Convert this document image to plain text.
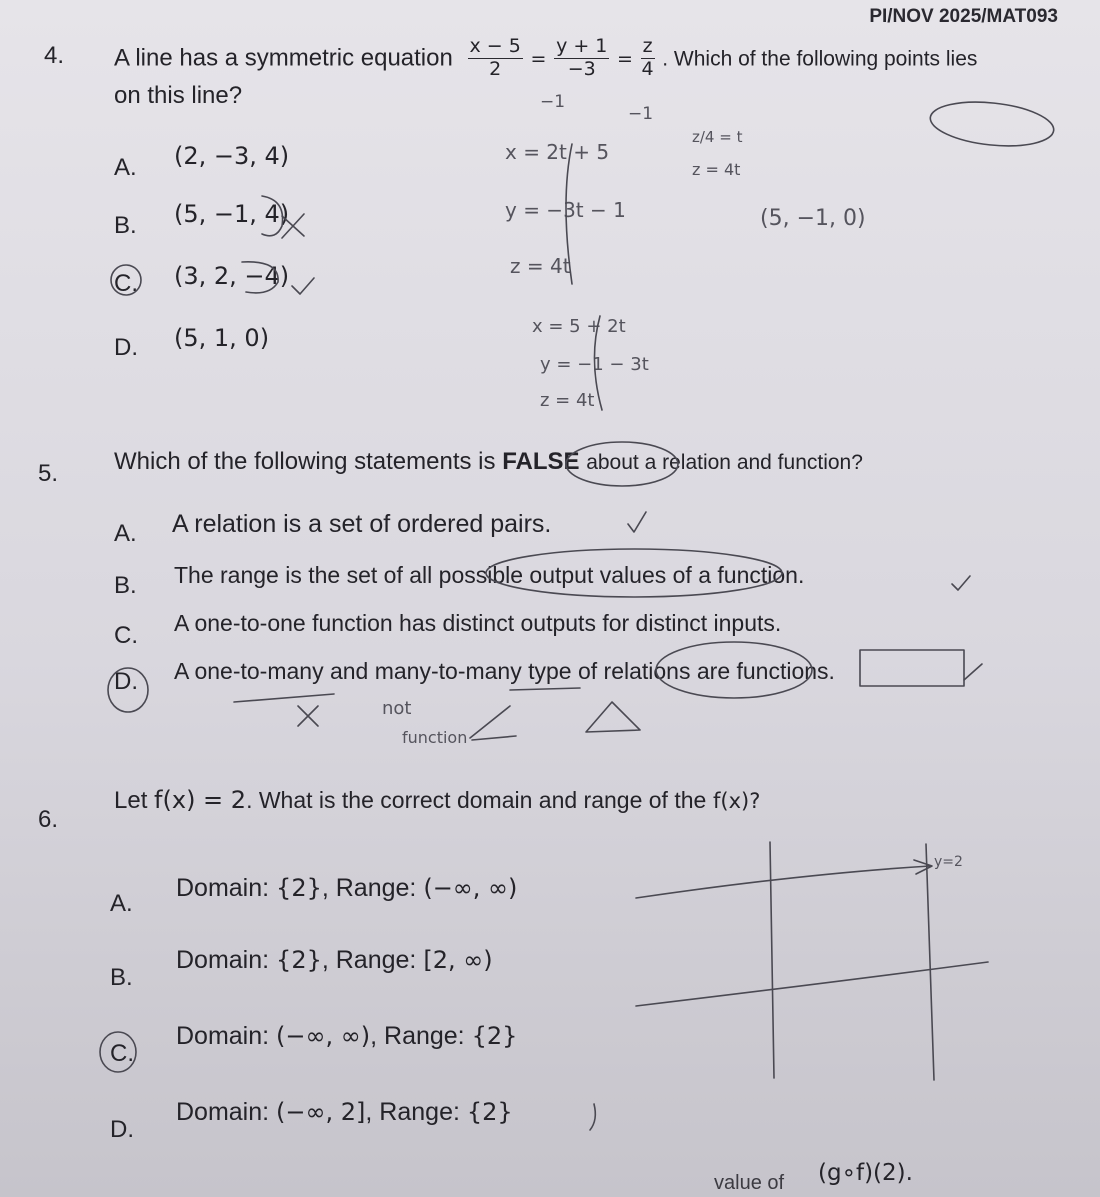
PI/NOV 2025/MAT093
4. A line has a symmetric equation $\frac{x - 5}{2} = \frac{y + 1}{-3} = \frac{z}{4}$ . Which of the following points lies
on this line?
A. (2, −3, 4)
B. (5, −1, 4)
C. (3, 2, −4)
D. (5, 1, 0)
−1
−1
z/4 = t
z = 4t
x = 2t + 5
y = −3t − 1
z = 4t
(5, −1, 0)
x = 5 + 2t
y = −1 − 3t
z = 4t
5. Which of the following statements is FALSE about a relation and function?
A. A relation is a set of ordered pairs.
B. The range is the set of all possible output values of a function.
C. A one-to-one function has distinct outputs for distinct inputs.
D. A one-to-many and many-to-many type of relations are functions.
not
function
6.
Let f(x) = 2. What is the correct domain and range of the f(x)?
A.
Domain: {2}, Range: (−∞, ∞)
B.
Domain: {2}, Range: [2, ∞)
C.
Domain: (−∞, ∞), Range: {2}
D.
Domain: (−∞, 2], Range: {2}
y=2
value of (g∘f)(2).
